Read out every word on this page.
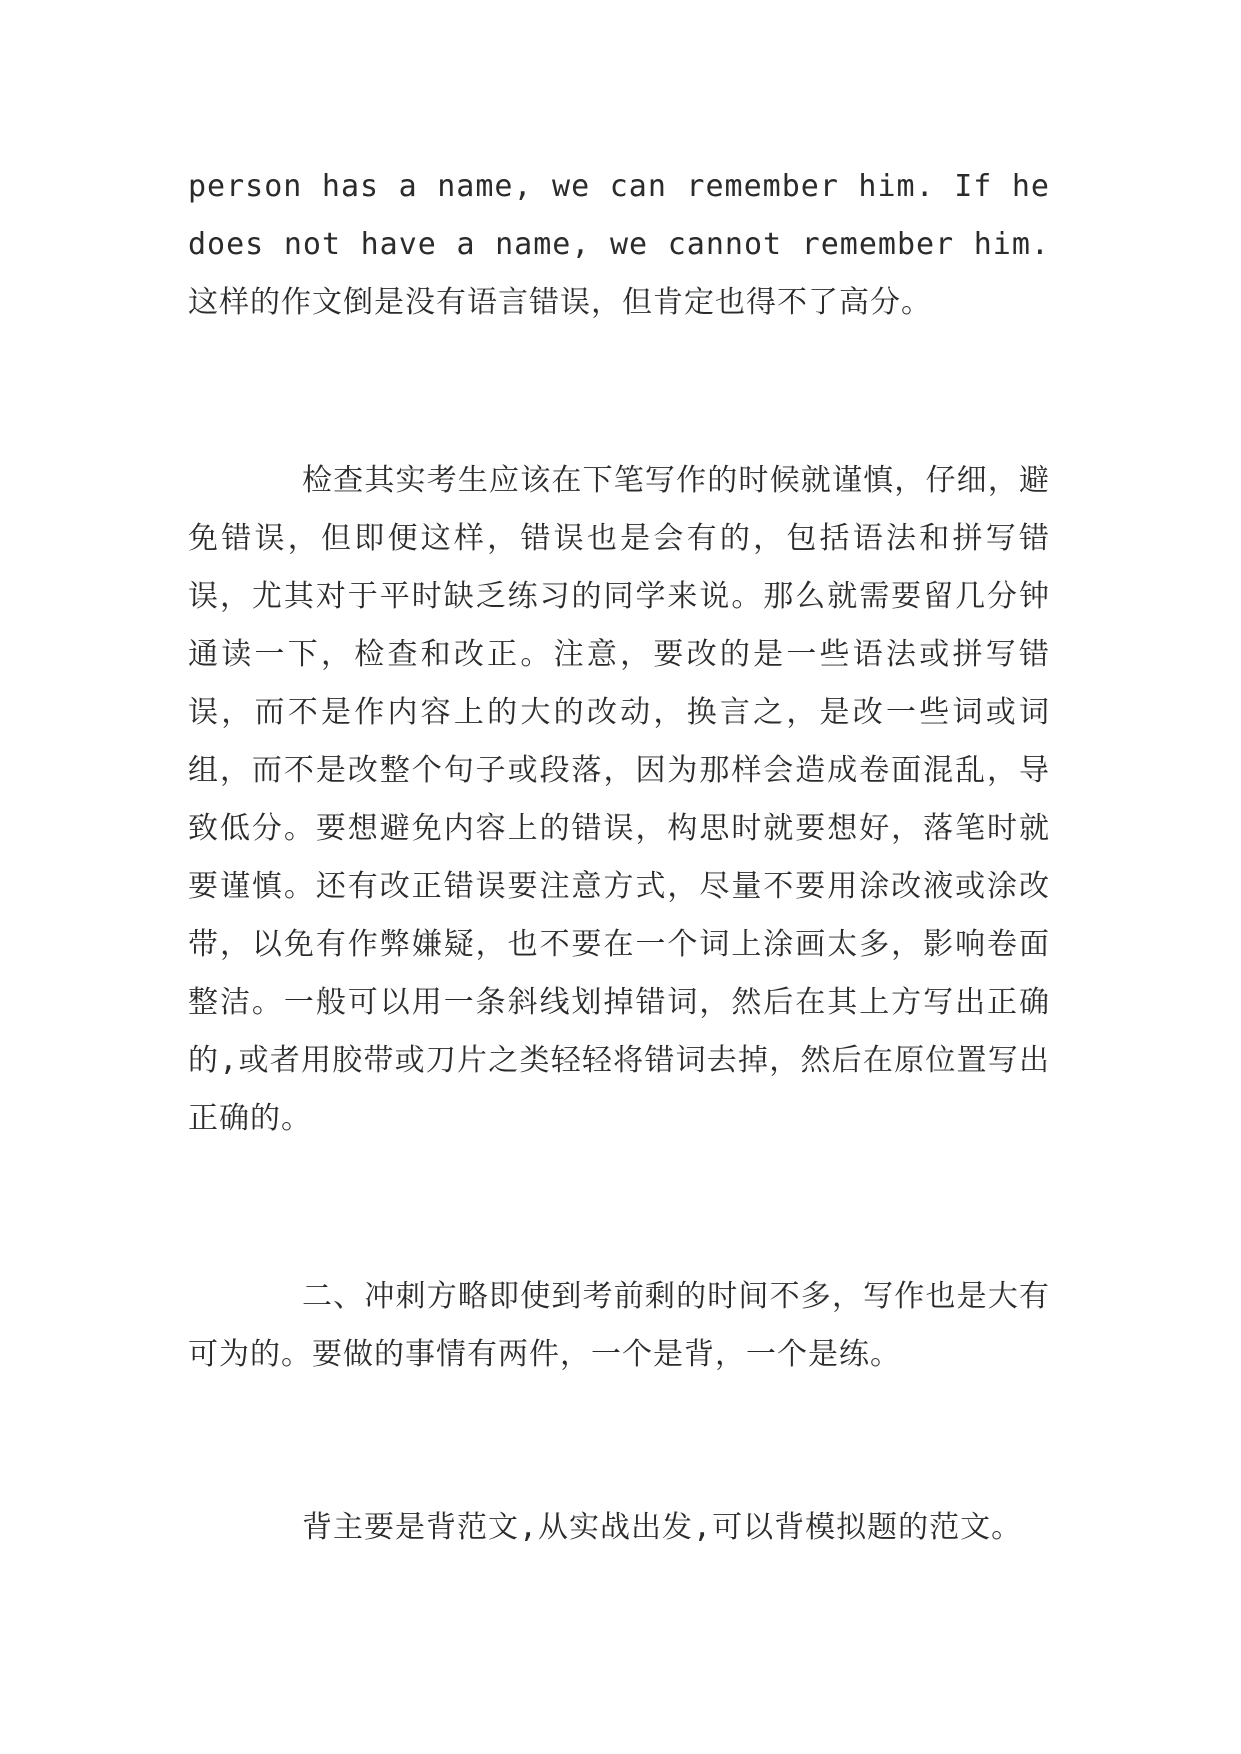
person has a name, we can remember him. If he does not have a name, we cannot remember him. 这样的作文倒是没有语言错误，但肯定也得不了高分。

检查其实考生应该在下笔写作的时候就谨慎，仔细，避免错误，但即便这样，错误也是会有的，包括语法和拼写错误，尤其对于平时缺乏练习的同学来说。那么就需要留几分钟通读一下，检查和改正。注意，要改的是一些语法或拼写错误，而不是作内容上的大的改动，换言之，是改一些词或词组，而不是改整个句子或段落，因为那样会造成卷面混乱，导致低分。要想避免内容上的错误，构思时就要想好，落笔时就要谨慎。还有改正错误要注意方式，尽量不要用涂改液或涂改带，以免有作弊嫌疑，也不要在一个词上涂画太多，影响卷面整洁。一般可以用一条斜线划掉错词，然后在其上方写出正确的,或者用胶带或刀片之类轻轻将错词去掉，然后在原位置写出正确的。

二、冲刺方略即使到考前剩的时间不多，写作也是大有可为的。要做的事情有两件，一个是背，一个是练。

背主要是背范文,从实战出发,可以背模拟题的范文。
